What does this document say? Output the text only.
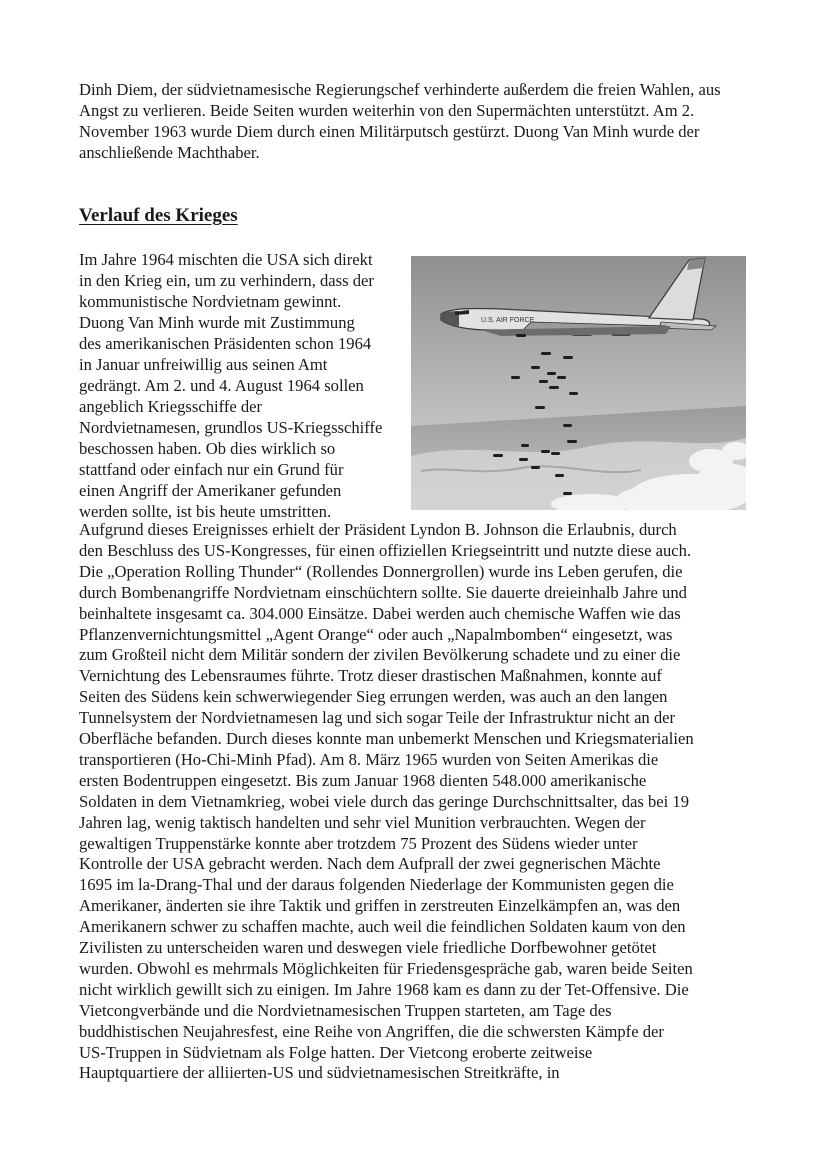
Dinh Diem, der südvietnamesische Regierungschef verhinderte außerdem die freien Wahlen, aus Angst zu verlieren. Beide Seiten wurden weiterhin von den Supermächten unterstützt. Am 2. November 1963 wurde Diem durch einen Militärputsch gestürzt. Duong Van Minh wurde der anschließende Machthaber.

Verlauf des Krieges

Im Jahre 1964 mischten die USA sich direkt

in den Krieg ein, um zu verhindern, dass der

kommunistische Nordvietnam gewinnt.

Duong Van Minh wurde mit Zustimmung

des amerikanischen Präsidenten schon 1964

in Januar unfreiwillig aus seinen Amt

gedrängt. Am 2. und 4. August 1964 sollen

angeblich Kriegsschiffe der

Nordvietnamesen, grundlos US-Kriegsschiffe

beschossen haben. Ob dies wirklich so

stattfand oder einfach nur ein Grund für

einen Angriff der Amerikaner gefunden

werden sollte, ist bis heute umstritten.

U.S. AIR FORCE

Aufgrund dieses Ereignisses erhielt der Präsident Lyndon B. Johnson die Erlaubnis, durch

den Beschluss des US-Kongresses, für einen offiziellen Kriegseintritt und nutzte diese auch.

Die „Operation Rolling Thunder“ (Rollendes Donnergrollen) wurde ins Leben gerufen, die

durch Bombenangriffe Nordvietnam einschüchtern sollte. Sie dauerte dreieinhalb Jahre und

beinhaltete insgesamt ca. 304.000 Einsätze. Dabei werden auch chemische Waffen wie das

Pflanzenvernichtungsmittel „Agent Orange“ oder auch „Napalmbomben“ eingesetzt, was

zum Großteil nicht dem Militär sondern der zivilen Bevölkerung schadete und zu einer die

Vernichtung des Lebensraumes führte. Trotz dieser drastischen Maßnahmen, konnte auf

Seiten des Südens kein schwerwiegender Sieg errungen werden, was auch an den langen

Tunnelsystem der Nordvietnamesen lag und sich sogar Teile der Infrastruktur nicht an der

Oberfläche befanden. Durch dieses konnte man unbemerkt Menschen und Kriegsmaterialien

transportieren (Ho-Chi-Minh Pfad). Am 8. März 1965 wurden von Seiten Amerikas die

ersten Bodentruppen eingesetzt. Bis zum Januar 1968 dienten 548.000 amerikanische

Soldaten in dem Vietnamkrieg, wobei viele durch das geringe Durchschnittsalter, das bei 19

Jahren lag, wenig taktisch handelten und sehr viel Munition verbrauchten. Wegen der

gewaltigen Truppenstärke konnte aber trotzdem 75 Prozent des Südens wieder unter

Kontrolle der USA gebracht werden. Nach dem Aufprall der zwei gegnerischen Mächte

1695 im la-Drang-Thal und der daraus folgenden Niederlage der Kommunisten gegen die

Amerikaner, änderten sie ihre Taktik und griffen in zerstreuten Einzelkämpfen an, was den

Amerikanern schwer zu schaffen machte, auch weil die feindlichen Soldaten kaum von den

Zivilisten zu unterscheiden waren und deswegen viele friedliche Dorfbewohner getötet

wurden. Obwohl es mehrmals Möglichkeiten für Friedensgespräche gab, waren beide Seiten

nicht wirklich gewillt sich zu einigen. Im Jahre 1968 kam es dann zu der Tet-Offensive. Die

Vietcongverbände und die Nordvietnamesischen Truppen starteten, am Tage des

buddhistischen Neujahresfest, eine Reihe von Angriffen, die die schwersten Kämpfe der

US-Truppen in Südvietnam als Folge hatten. Der Vietcong eroberte zeitweise

Hauptquartiere der alliierten-US und südvietnamesischen Streitkräfte, in
